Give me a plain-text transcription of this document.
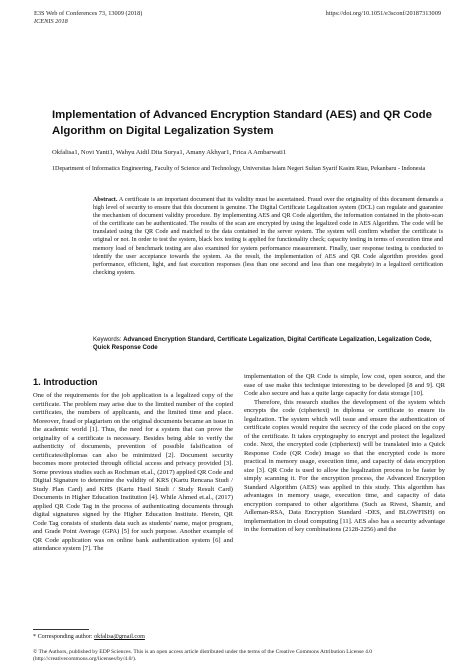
E3S Web of Conferences 73, 13009 (2018)
ICENIS 2018
https://doi.org/10.1051/e3sconf/20187313009
Implementation of Advanced Encryption Standard (AES) and QR Code Algorithm on Digital Legalization System
Okfalisa1, Novi Yanti1, Wahyu Aidil Dita Surya1, Amany Akhyar1, Frica A Ambarwati1
1Department of Informatics Engineering, Faculty of Science and Technology, Universitas Islam Negeri Sultan Syarif Kasim Riau, Pekanbaru - Indonesia
Abstract. A certificate is an important document that its validity must be ascertained. Fraud over the originality of this document demands a high level of security to ensure that this document is genuine. The Digital Certificate Legalization system (DCL) can regulate and guarantee the mechanism of document validity procedure. By implementing AES and QR Code algorithm, the information contained in the photo-scan of the certificate can be authenticated. The results of the scan are encrypted by using the legalized code in AES Algorithm. The code will be translated using the QR Code and matched to the data contained in the server system. The system will confirm whether the certificate is original or not. In order to test the system, black box testing is applied for functionality check; capacity testing in terms of execution time and memory load of benchmark testing are also examined for system performance measurement. Finally, user response testing is conducted to identify the user acceptance towards the system. As the result, the implementation of AES and QR Code algorithm provides good performance, efficient, light, and fast execution responses (less than one second and less than one megabyte) in a legalized certification checking system.
Keywords: Advanced Encryption Standard, Certificate Legalization, Digital Certificate Legalization, Legalization Code, Quick Response Code
1. Introduction

One of the requirements for the job application is a legalized copy of the certificate. The problem may arise due to the limited number of the copied certificates, the numbers of applicants, and the limited time and place. Moreover, fraud or plagiarism on the original documents became an issue in the academic world [1]. Thus, the need for a system that can prove the originality of a certificate is necessary. Besides being able to verify the authenticity of documents, prevention of possible falsification of certificates/diplomas can also be minimized [2]. Document security becomes more protected through official access and privacy provided [3]. Some previous studies such as Rochman et.al., (2017) applied QR Code and Digital Signature to determine the validity of KRS (Kartu Rencana Studi / Study Plan Card) and KHS (Kartu Hasil Studi / Study Result Card) Documents in Higher Education Institution [4]. While Ahmed et.al., (2017) applied QR Code Tag in the process of authenticating documents through digital signatures signed by the Higher Education Institute. Herein, QR Code Tag consists of students data such as students' name, major program, and Grade Point Average (GPA) [5] for such purpose. Another example of QR Code application was on online bank authentication system [6] and attendance system [7]. The

implementation of the QR Code is simple, low cost, open source, and the ease of use make this technique interesting to be developed [8 and 9]. QR Code also secure and has a quite large capacity for data storage [10].

Therefore, this research studies the development of the system which encrypts the code (ciphertext) in diploma or certificate to ensure its legalization. The system which will issue and ensure the authentication of certificate copies would require the secrecy of the code placed on the copy of the certificate. It takes cryptography to encrypt and protect the legalized code. Next, the encrypted code (ciphertext) will be translated into a Quick Response Code (QR Code) image so that the encrypted code is more practical in memory usage, execution time, and capacity of data encryption size [3]. QR Code is used to allow the legalization process to be faster by simply scanning it. For the encryption process, the Advanced Encryption Standard Algorithm (AES) was applied in this study. This algorithm has advantages in memory usage, execution time, and capacity of data encryption compared to other algorithms (Such as Rivest, Shamir, and Adleman-RSA, Data Encryption Standard -DES, and BLOWFISH) on implementation in cloud computing [11]. AES also has a security advantage in the formation of key combinations (2128-2256) and the

* Corresponding author: okfalisa@gmail.com
© The Authors, published by EDP Sciences. This is an open access article distributed under the terms of the Creative Commons Attribution License 4.0 (http://creativecommons.org/licenses/by/4.0/).
